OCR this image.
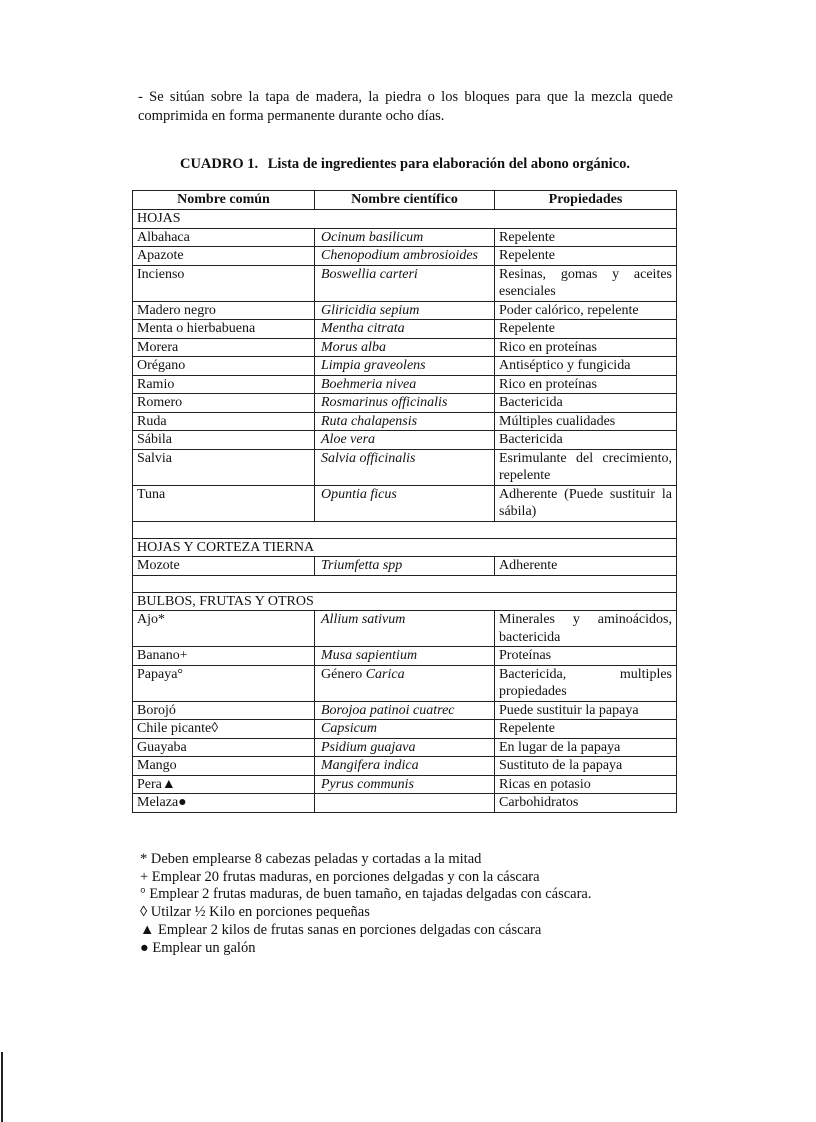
- Se sitúan sobre la tapa de madera, la piedra o los bloques para que la mezcla quede comprimida en forma permanente durante ocho días.

CUADRO 1. Lista de ingredientes para elaboración del abono orgánico.
Nombre común	Nombre científico	Propiedades
HOJAS		
Albahaca	Ocinum basilicum	Repelente
Apazote	Chenopodium ambrosioides	Repelente
Incienso	Boswellia carteri	Resinas, gomas y aceites esenciales
Madero negro	Gliricidia sepium	Poder calórico, repelente
Menta o hierbabuena	Mentha citrata	Repelente
Morera	Morus alba	Rico en proteínas
Orégano	Limpia graveolens	Antiséptico y fungicida
Ramio	Boehmeria nivea	Rico en proteínas
Romero	Rosmarinus officinalis	Bactericida
Ruda	Ruta chalapensis	Múltiples cualidades
Sábila	Aloe vera	Bactericida
Salvia	Salvia officinalis	Esrimulante del crecimiento, repelente
Tuna	Opuntia ficus	Adherente (Puede sustituir la sábila)

HOJAS Y CORTEZA TIERNA		
Mozote	Triumfetta spp	Adherente

BULBOS, FRUTAS Y OTROS		
Ajo*	Allium sativum	Minerales y aminoácidos, bactericida
Banano+	Musa sapientium	Proteínas
Papaya°	Género Carica	Bactericida, multiples propiedades
Borojó	Borojoa patinoi cuatrec	Puede sustituir la papaya
Chile picante◊	Capsicum	Repelente
Guayaba	Psidium guajava	En lugar de la papaya
Mango	Mangifera indica	Sustituto de la papaya
Pera▲	Pyrus communis	Ricas en potasio
Melaza●		Carbohidratos
* Deben emplearse 8 cabezas peladas y cortadas a la mitad
+ Emplear 20 frutas maduras, en porciones delgadas y con la cáscara
° Emplear 2 frutas maduras, de buen tamaño, en tajadas delgadas con cáscara.
◊ Utilzar ½ Kilo en porciones pequeñas
▲ Emplear 2 kilos de frutas sanas en porciones delgadas con cáscara
● Emplear un galón
